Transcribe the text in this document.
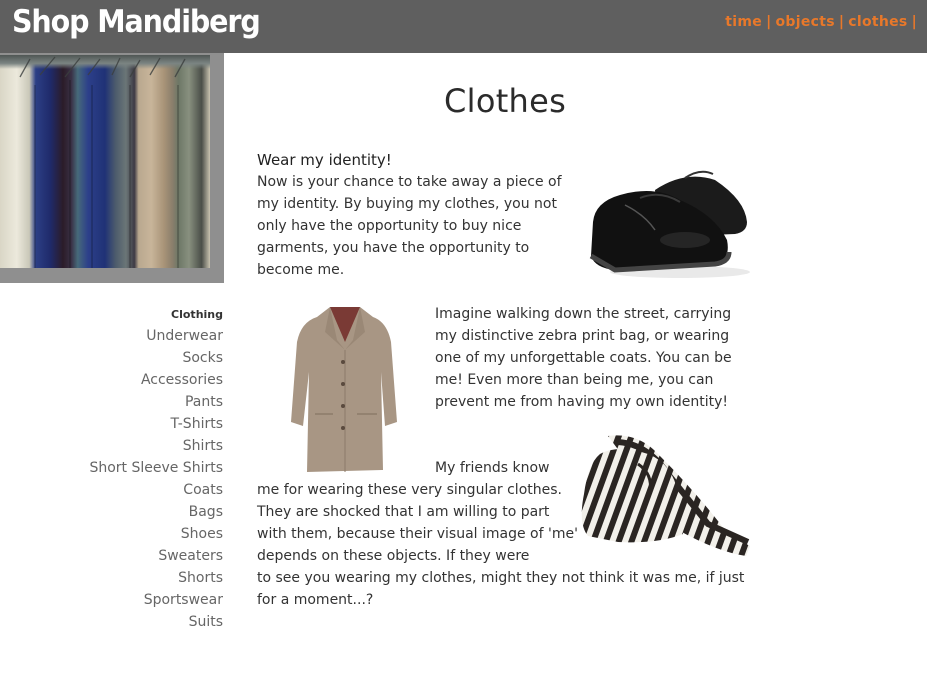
Shop Mandiberg	time | objects | clothes |
Clothing
Underwear
Socks
Accessories
Pants
T-Shirts
Shirts
Short Sleeve Shirts
Coats
Bags
Shoes
Sweaters
Shorts
Sportswear
Suits
Clothes
Wear my identity!
Now is your chance to take away a piece of my identity. By buying my clothes, you not only have the opportunity to buy nice garments, you have the opportunity to become me.
Imagine walking down the street, carrying my distinctive zebra print bag, or wearing one of my unforgettable coats. You can be me! Even more than being me, you can prevent me from having my own identity!
My friends know
me for wearing these very singular clothes. They are shocked that I am willing to part with them, because their visual image of 'me' depends on these objects. If they were
to see you wearing my clothes, might they not think it was me, if just for a moment...?
